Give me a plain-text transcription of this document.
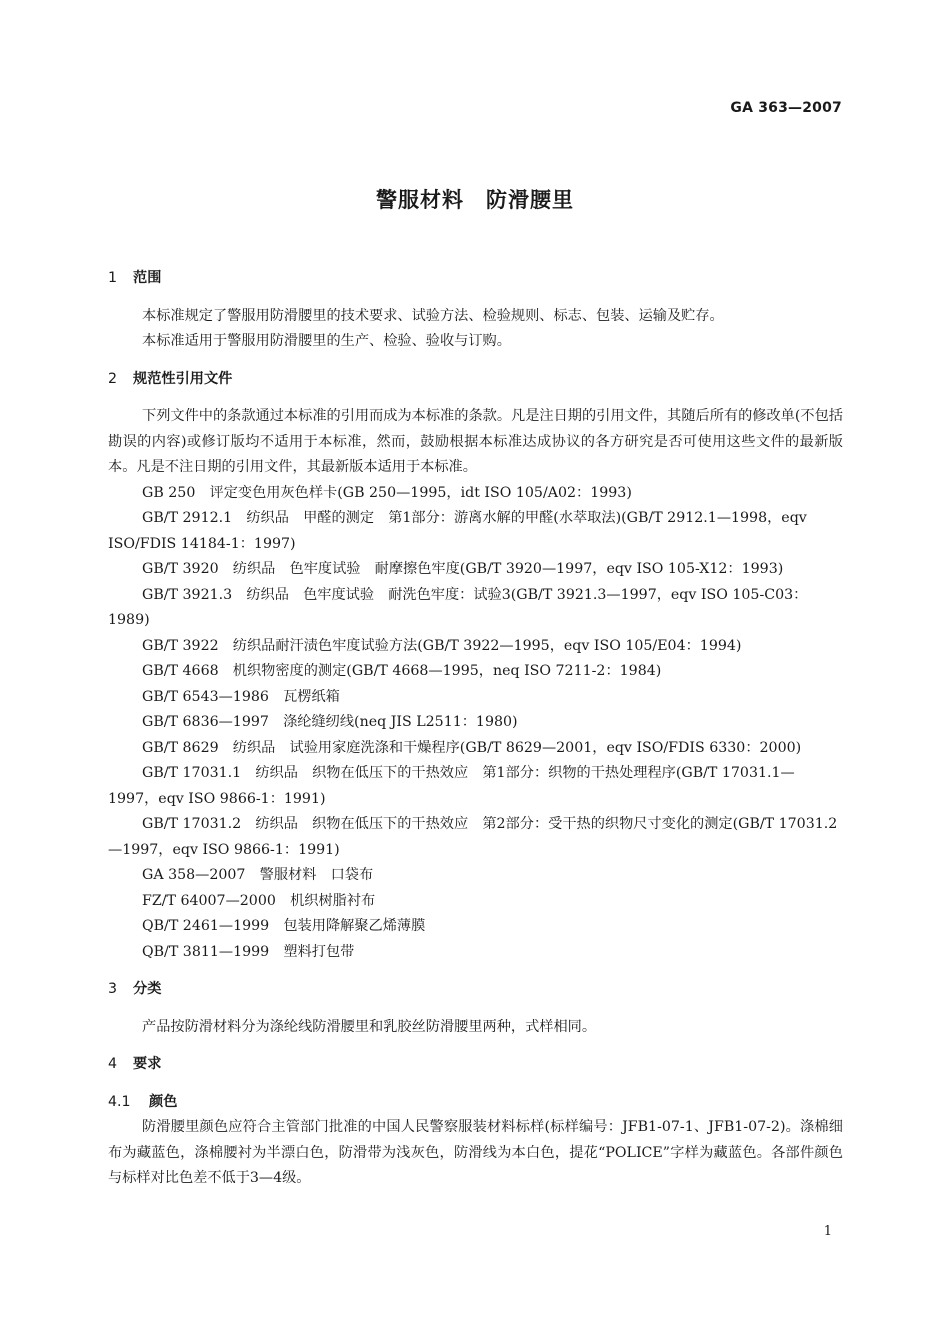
GA 363—2007
警服材料　防滑腰里
1 范围

本标准规定了警服用防滑腰里的技术要求、试验方法、检验规则、标志、包装、运输及贮存。

本标准适用于警服用防滑腰里的生产、检验、验收与订购。

2 规范性引用文件

下列文件中的条款通过本标准的引用而成为本标准的条款。凡是注日期的引用文件，其随后所有的修改单(不包括勘误的内容)或修订版均不适用于本标准，然而，鼓励根据本标准达成协议的各方研究是否可使用这些文件的最新版本。凡是不注日期的引用文件，其最新版本适用于本标准。

GB 250　评定变色用灰色样卡(GB 250—1995，idt ISO 105/A02：1993)
GB/T 2912.1　纺织品　甲醛的测定　第1部分：游离水解的甲醛(水萃取法)(GB/T 2912.1—1998，eqv ISO/FDIS 14184-1：1997)
GB/T 3920　纺织品　色牢度试验　耐摩擦色牢度(GB/T 3920—1997，eqv ISO 105-X12：1993)
GB/T 3921.3　纺织品　色牢度试验　耐洗色牢度：试验3(GB/T 3921.3—1997，eqv ISO 105-C03：1989)
GB/T 3922　纺织品耐汗渍色牢度试验方法(GB/T 3922—1995，eqv ISO 105/E04：1994)
GB/T 4668　机织物密度的测定(GB/T 4668—1995，neq ISO 7211-2：1984)
GB/T 6543—1986　瓦楞纸箱
GB/T 6836—1997　涤纶缝纫线(neq JIS L2511：1980)
GB/T 8629　纺织品　试验用家庭洗涤和干燥程序(GB/T 8629—2001，eqv ISO/FDIS 6330：2000)
GB/T 17031.1　纺织品　织物在低压下的干热效应　第1部分：织物的干热处理程序(GB/T 17031.1—1997，eqv ISO 9866-1：1991)
GB/T 17031.2　纺织品　织物在低压下的干热效应　第2部分：受干热的织物尺寸变化的测定(GB/T 17031.2—1997，eqv ISO 9866-1：1991)
GA 358—2007　警服材料　口袋布
FZ/T 64007—2000　机织树脂衬布
QB/T 2461—1999　包装用降解聚乙烯薄膜
QB/T 3811—1999　塑料打包带
3 分类

产品按防滑材料分为涤纶线防滑腰里和乳胶丝防滑腰里两种，式样相同。

4 要求
4.1 颜色

防滑腰里颜色应符合主管部门批准的中国人民警察服装材料标样(标样编号：JFB1-07-1、JFB1-07-2)。涤棉细布为藏蓝色，涤棉腰衬为半漂白色，防滑带为浅灰色，防滑线为本白色，提花“POLICE”字样为藏蓝色。各部件颜色与标样对比色差不低于3—4级。

1
